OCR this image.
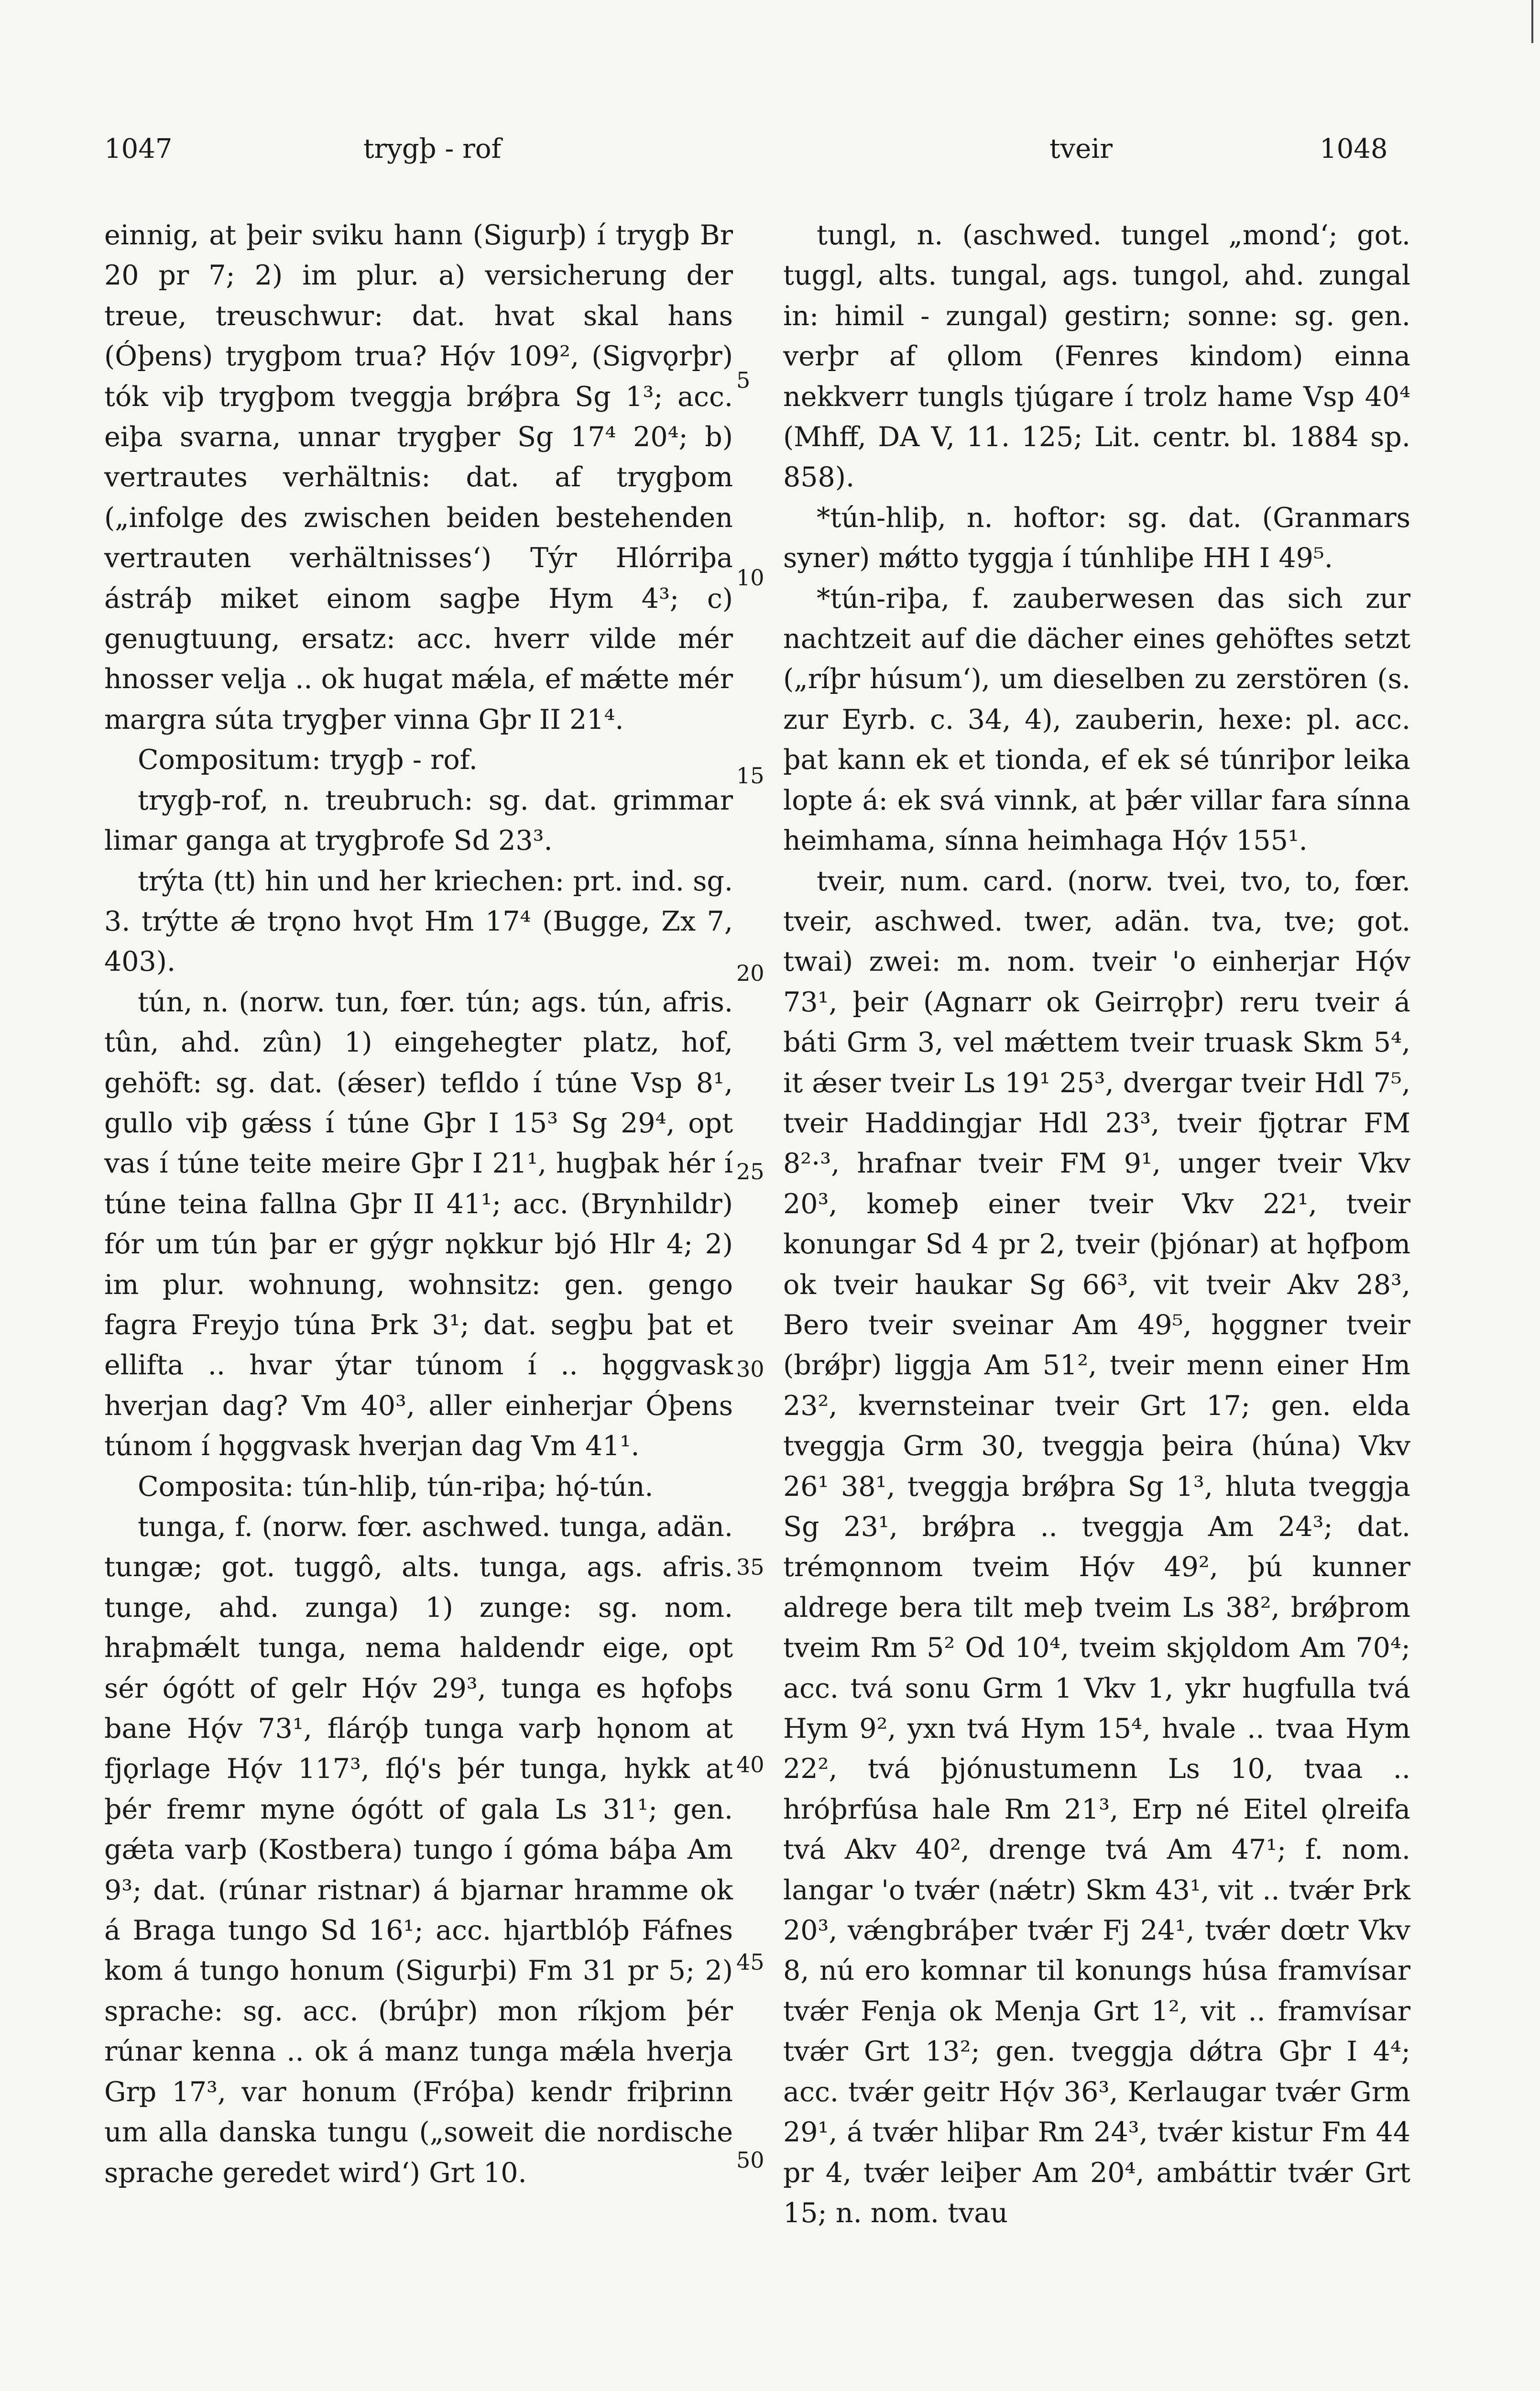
1047	trygþ - rof	tveir	1048

einnig, at þeir sviku hann (Sigurþ) í trygþ Br 20 pr 7; 2) im plur. a) versicherung der treue, treuschwur: dat. hvat skal hans (Óþens) trygþom trua? Hǫ́v 109², (Sigvǫrþr) tók viþ trygþom tveggja brǿþra Sg 1³; acc. eiþa svarna, unnar trygþer Sg 17⁴ 20⁴; b) vertrautes verhältnis: dat. af trygþom („infolge des zwischen beiden bestehenden vertrauten verhältnisses‘) Týr Hlórriþa ástráþ miket einom sagþe Hym 4³; c) genugtuung, ersatz: acc. hverr vilde mér hnosser velja .. ok hugat mǽla, ef mǽtte mér margra súta trygþer vinna Gþr II 21⁴.

Compositum: trygþ - rof.

trygþ-rof, n. treubruch: sg. dat. grimmar limar ganga at trygþrofe Sd 23³.

trýta (tt) hin und her kriechen: prt. ind. sg. 3. trýtte ǽ trǫno hvǫt Hm 17⁴ (Bugge, Zx 7, 403).

tún, n. (norw. tun, fœr. tún; ags. tún, afris. tûn, ahd. zûn) 1) eingehegter platz, hof, gehöft: sg. dat. (ǽser) tefldo í túne Vsp 8¹, gullo viþ gǽss í túne Gþr I 15³ Sg 29⁴, opt vas í túne teite meire Gþr I 21¹, hugþak hér í túne teina fallna Gþr II 41¹; acc. (Brynhildr) fór um tún þar er gýgr nǫkkur bjó Hlr 4; 2) im plur. wohnung, wohnsitz: gen. gengo fagra Freyjo túna Þrk 3¹; dat. segþu þat et ellifta .. hvar ýtar túnom í .. hǫggvask hverjan dag? Vm 40³, aller einherjar Óþens túnom í hǫggvask hverjan dag Vm 41¹.

Composita: tún-hliþ, tún-riþa; hǫ́-tún.

tunga, f. (norw. fœr. aschwed. tunga, adän. tungæ; got. tuggô, alts. tunga, ags. afris. tunge, ahd. zunga) 1) zunge: sg. nom. hraþmǽlt tunga, nema haldendr eige, opt sér ógótt of gelr Hǫ́v 29³, tunga es hǫfoþs bane Hǫ́v 73¹, flárǫ́þ tunga varþ hǫnom at fjǫrlage Hǫ́v 117³, flǫ́'s þér tunga, hykk at þér fremr myne ógótt of gala Ls 31¹; gen. gǽta varþ (Kostbera) tungo í góma báþa Am 9³; dat. (rúnar ristnar) á bjarnar hramme ok á Braga tungo Sd 16¹; acc. hjartblóþ Fáfnes kom á tungo honum (Sigurþi) Fm 31 pr 5; 2) sprache: sg. acc. (brúþr) mon ríkjom þér rúnar kenna .. ok á manz tunga mǽla hverja Grp 17³, var honum (Fróþa) kendr friþrinn um alla danska tungu („soweit die nordische sprache geredet wird‘) Grt 10.

5
10
15
20
25
30
35
40
45
50

tungl, n. (aschwed. tungel „mond‘; got. tuggl, alts. tungal, ags. tungol, ahd. zungal in: himil - zungal) gestirn; sonne: sg. gen. verþr af ǫllom (Fenres kindom) einna nekkverr tungls tjúgare í trolz hame Vsp 40⁴ (Mhff, DA V, 11. 125; Lit. centr. bl. 1884 sp. 858).

*tún-hliþ, n. hoftor: sg. dat. (Granmars syner) mǿtto tyggja í túnhliþe HH I 49⁵.

*tún-riþa, f. zauberwesen das sich zur nachtzeit auf die dächer eines gehöftes setzt („ríþr húsum‘), um dieselben zu zerstören (s. zur Eyrb. c. 34, 4), zauberin, hexe: pl. acc. þat kann ek et tionda, ef ek sé túnriþor leika lopte á: ek svá vinnk, at þǽr villar fara sínna heimhama, sínna heimhaga Hǫ́v 155¹.

tveir, num. card. (norw. tvei, tvo, to, fœr. tveir, aschwed. twer, adän. tva, tve; got. twai) zwei: m. nom. tveir 'o einherjar Hǫ́v 73¹, þeir (Agnarr ok Geirrǫþr) reru tveir á báti Grm 3, vel mǽttem tveir truask Skm 5⁴, it ǽser tveir Ls 19¹ 25³, dvergar tveir Hdl 7⁵, tveir Haddingjar Hdl 23³, tveir fjǫtrar FM 8²·³, hrafnar tveir FM 9¹, unger tveir Vkv 20³, komeþ einer tveir Vkv 22¹, tveir konungar Sd 4 pr 2, tveir (þjónar) at hǫfþom ok tveir haukar Sg 66³, vit tveir Akv 28³, Bero tveir sveinar Am 49⁵, hǫggner tveir (brǿþr) liggja Am 51², tveir menn einer Hm 23², kvernsteinar tveir Grt 17; gen. elda tveggja Grm 30, tveggja þeira (húna) Vkv 26¹ 38¹, tveggja brǿþra Sg 1³, hluta tveggja Sg 23¹, brǿþra .. tveggja Am 24³; dat. trémǫnnom tveim Hǫ́v 49², þú kunner aldrege bera tilt meþ tveim Ls 38², brǿþrom tveim Rm 5² Od 10⁴, tveim skjǫldom Am 70⁴; acc. tvá sonu Grm 1 Vkv 1, ykr hugfulla tvá Hym 9², yxn tvá Hym 15⁴, hvale .. tvaa Hym 22², tvá þjónustumenn Ls 10, tvaa .. hróþrfúsa hale Rm 21³, Erp né Eitel ǫlreifa tvá Akv 40², drenge tvá Am 47¹; f. nom. langar 'o tvǽr (nǽtr) Skm 43¹, vit .. tvǽr Þrk 20³, vǽngbráþer tvǽr Fj 24¹, tvǽr dœtr Vkv 8, nú ero komnar til konungs húsa framvísar tvǽr Fenja ok Menja Grt 1², vit .. framvísar tvǽr Grt 13²; gen. tveggja dǿtra Gþr I 4⁴; acc. tvǽr geitr Hǫ́v 36³, Kerlaugar tvǽr Grm 29¹, á tvǽr hliþar Rm 24³, tvǽr kistur Fm 44 pr 4, tvǽr leiþer Am 20⁴, ambáttir tvǽr Grt 15; n. nom. tvau
